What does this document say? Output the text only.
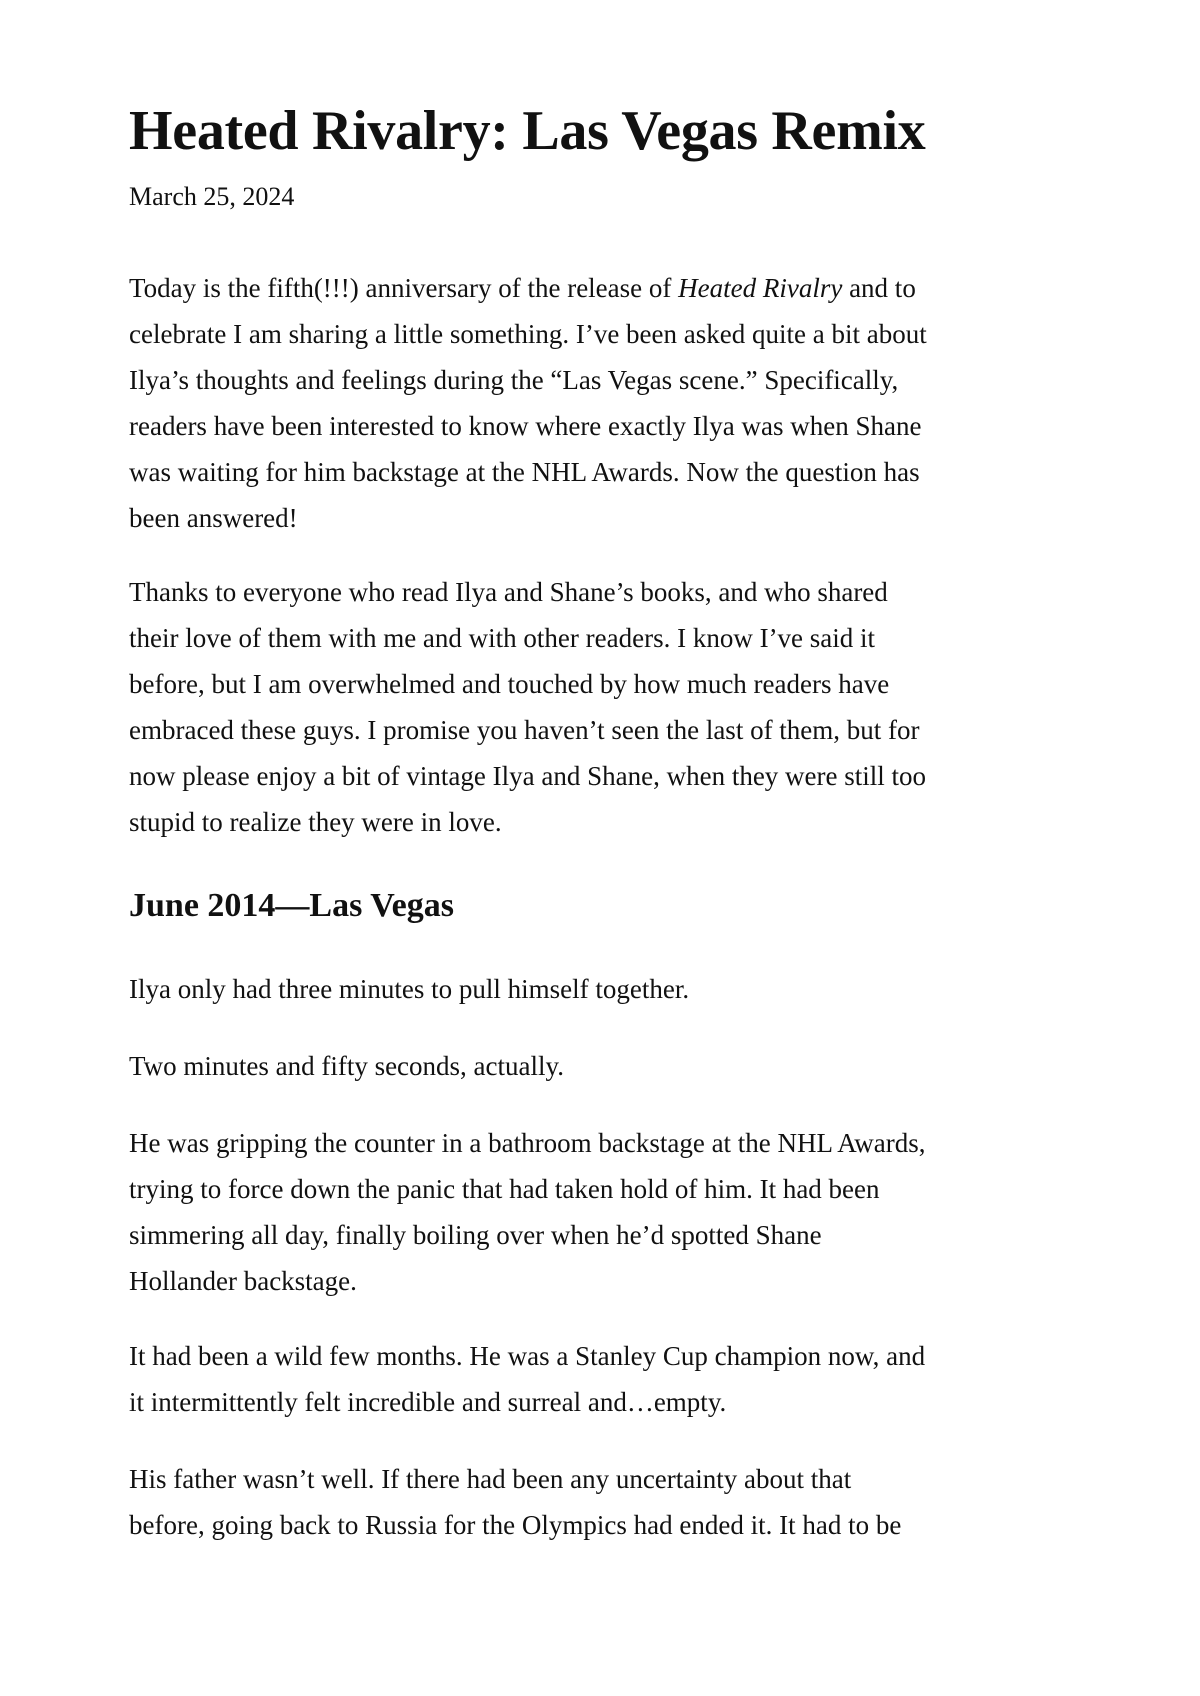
Heated Rivalry: Las Vegas Remix
March 25, 2024
Today is the fifth(!!!) anniversary of the release of Heated Rivalry and to
celebrate I am sharing a little something. I’ve been asked quite a bit about
Ilya’s thoughts and feelings during the “Las Vegas scene.” Specifically,
readers have been interested to know where exactly Ilya was when Shane
was waiting for him backstage at the NHL Awards. Now the question has
been answered!
Thanks to everyone who read Ilya and Shane’s books, and who shared
their love of them with me and with other readers. I know I’ve said it
before, but I am overwhelmed and touched by how much readers have
embraced these guys. I promise you haven’t seen the last of them, but for
now please enjoy a bit of vintage Ilya and Shane, when they were still too
stupid to realize they were in love.
June 2014—Las Vegas
Ilya only had three minutes to pull himself together.
Two minutes and fifty seconds, actually.
He was gripping the counter in a bathroom backstage at the NHL Awards,
trying to force down the panic that had taken hold of him. It had been
simmering all day, finally boiling over when he’d spotted Shane
Hollander backstage.
It had been a wild few months. He was a Stanley Cup champion now, and
it intermittently felt incredible and surreal and…empty.
His father wasn’t well. If there had been any uncertainty about that
before, going back to Russia for the Olympics had ended it. It had to be
